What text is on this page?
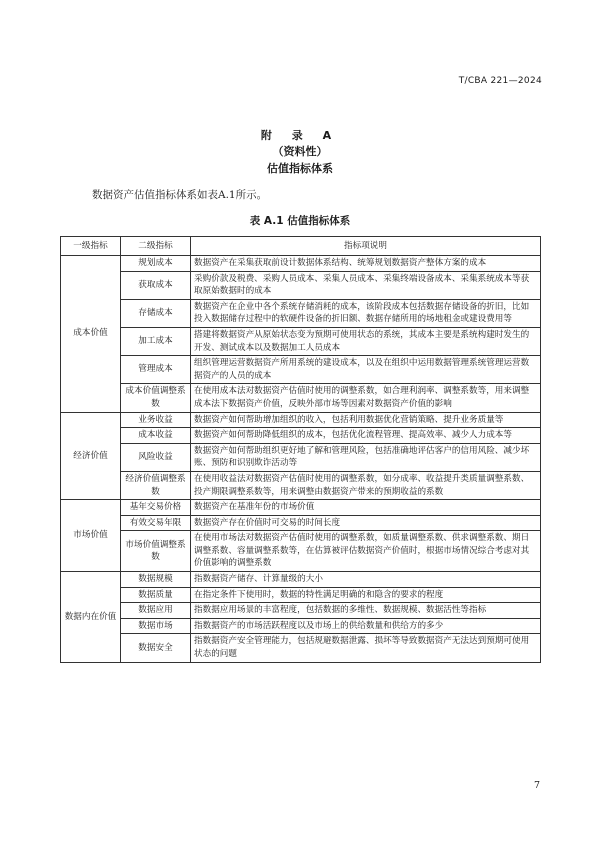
T/CBA 221—2024
附 录 A
（资料性）
估值指标体系
数据资产估值指标体系如表A.1所示。
表 A.1 估值指标体系
一级指标	二级指标	指标项说明
成本价值	规划成本	数据资产在采集获取前设计数据体系结构、统筹规划数据资产整体方案的成本
	获取成本	采购价款及税费、采购人员成本、采集人员成本、采集终端设备成本、采集系统成本等获取原始数据时的成本
	存储成本	数据资产在企业中各个系统存储消耗的成本，该阶段成本包括数据存储设备的折旧，比如投入数据储存过程中的软硬件设备的折旧额、数据存储所用的场地租金或建设费用等
	加工成本	搭建将数据资产从原始状态变为预期可使用状态的系统，其成本主要是系统构建时发生的开发、测试成本以及数据加工人员成本
	管理成本	组织管理运营数据资产所用系统的建设成本，以及在组织中运用数据管理系统管理运营数据资产的人员的成本
	成本价值调整系数	在使用成本法对数据资产估值时使用的调整系数，如合理利润率、调整系数等，用来调整成本法下数据资产价值，反映外部市场等因素对数据资产价值的影响
经济价值	业务收益	数据资产如何帮助增加组织的收入，包括利用数据优化营销策略、提升业务质量等
	成本收益	数据资产如何帮助降低组织的成本，包括优化流程管理、提高效率、减少人力成本等
	风险收益	数据资产如何帮助组织更好地了解和管理风险，包括准确地评估客户的信用风险、减少坏账、预防和识别欺诈活动等
	经济价值调整系数	在使用收益法对数据资产估值时使用的调整系数，如分成率、收益提升类质量调整系数、投产期限调整系数等，用来调整由数据资产带来的预期收益的系数
市场价值	基年交易价格	数据资产在基准年份的市场价值
	有效交易年限	数据资产存在价值时可交易的时间长度
	市场价值调整系数	在使用市场法对数据资产估值时使用的调整系数，如质量调整系数、供求调整系数、期日调整系数、容量调整系数等，在估算被评估数据资产价值时，根据市场情况综合考虑对其价值影响的调整系数
数据内在价值	数据规模	指数据资产储存、计算量级的大小
	数据质量	在指定条件下使用时，数据的特性满足明确的和隐含的要求的程度
	数据应用	指数据应用场景的丰富程度，包括数据的多维性、数据规模、数据活性等指标
	数据市场	指数据资产的市场活跃程度以及市场上的供给数量和供给方的多少
	数据安全	指数据资产安全管理能力，包括规避数据泄露、损坏等导致数据资产无法达到预期可使用状态的问题
7
